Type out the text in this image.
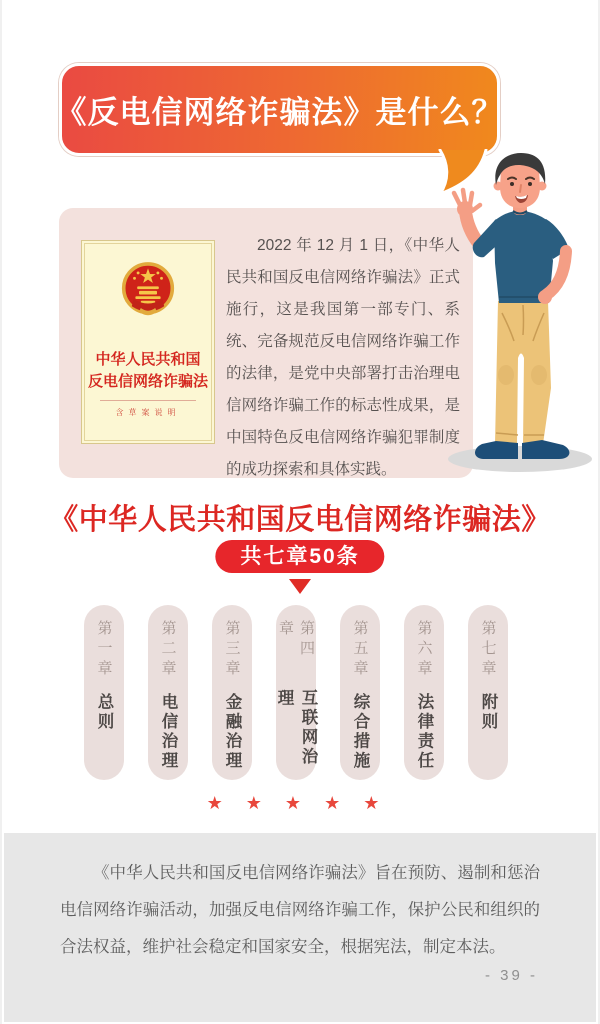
《反电信网络诈骗法》是什么？
中华人民共和国
反电信网络诈骗法
含草案说明

2022 年 12 月 1 日，《中华人民共和国反电信网络诈骗法》正式施行，这是我国第一部专门、系统、完备规范反电信网络诈骗工作的法律，是党中央部署打击治理电信网络诈骗工作的标志性成果，是中国特色反电信网络诈骗犯罪制度的成功探索和具体实践。

《中华人民共和国反电信网络诈骗法》
共七章50条
第一章
总则
第二章
电信治理
第三章
金融治理
第四章
互联网治理
第五章
综合措施
第六章
法律责任
第七章
附则
★ ★ ★ ★ ★

《中华人民共和国反电信网络诈骗法》旨在预防、遏制和惩治电信网络诈骗活动，加强反电信网络诈骗工作，保护公民和组织的合法权益，维护社会稳定和国家安全，根据宪法，制定本法。

- 39 -
